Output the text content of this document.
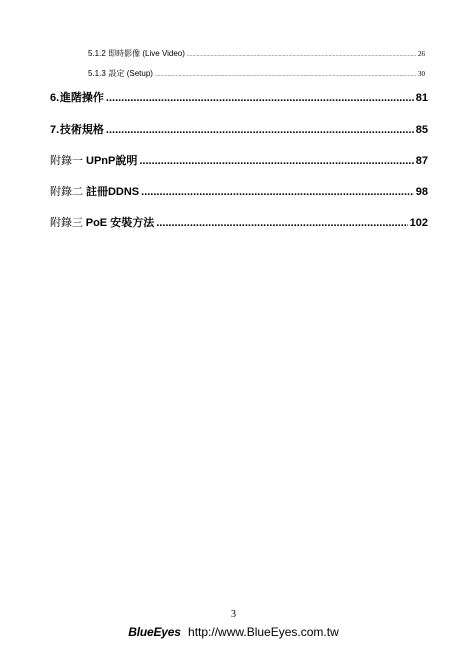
5.1.2 即時影像 (Live Video) .....	26
5.1.3 設定 (Setup) .....	30
6. 進階操作 .....	81
7. 技術規格 .....	85
附錄一 UPnP說明 .....	87
附錄二 註冊DDNS .....	98
附錄三 PoE 安裝方法 .....	102
3
BlueEyes http://www.BlueEyes.com.tw
